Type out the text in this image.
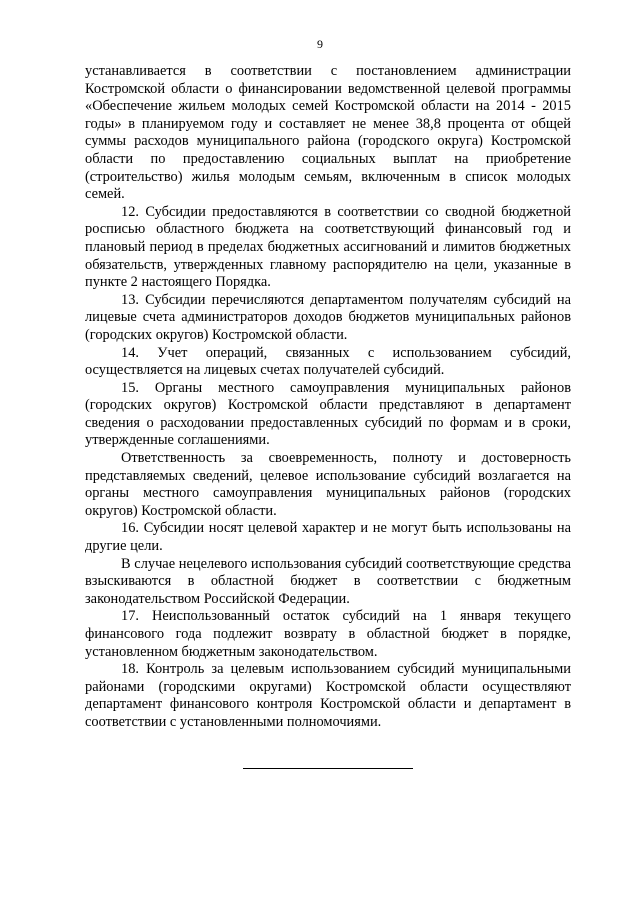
9

устанавливается в соответствии с постановлением администрации Костромской области о финансировании ведомственной целевой программы «Обеспечение жильем молодых семей Костромской области на 2014 - 2015 годы» в планируемом году и составляет не менее 38,8 процента от общей суммы расходов муниципального района (городского округа) Костромской области по предоставлению социальных выплат на приобретение (строительство) жилья молодым семьям, включенным в список молодых семей.

12. Субсидии предоставляются в соответствии со сводной бюджетной росписью областного бюджета на соответствующий финансовый год и плановый период в пределах бюджетных ассигнований и лимитов бюджетных обязательств, утвержденных главному распорядителю на цели, указанные в пункте 2 настоящего Порядка.

13. Субсидии перечисляются департаментом получателям субсидий на лицевые счета администраторов доходов бюджетов муниципальных районов (городских округов) Костромской области.

14. Учет операций, связанных с использованием субсидий, осуществляется на лицевых счетах получателей субсидий.

15. Органы местного самоуправления муниципальных районов (городских округов) Костромской области представляют в департамент сведения о расходовании предоставленных субсидий по формам и в сроки, утвержденные соглашениями.

Ответственность за своевременность, полноту и достоверность представляемых сведений, целевое использование субсидий возлагается на органы местного самоуправления муниципальных районов (городских округов) Костромской области.

16. Субсидии носят целевой характер и не могут быть использованы на другие цели.

В случае нецелевого использования субсидий соответствующие средства взыскиваются в областной бюджет в соответствии с бюджетным законодательством Российской Федерации.

17. Неиспользованный остаток субсидий на 1 января текущего финансового года подлежит возврату в областной бюджет в порядке, установленном бюджетным законодательством.

18. Контроль за целевым использованием субсидий муниципальными районами (городскими округами) Костромской области осуществляют департамент финансового контроля Костромской области и департамент в соответствии с установленными полномочиями.
